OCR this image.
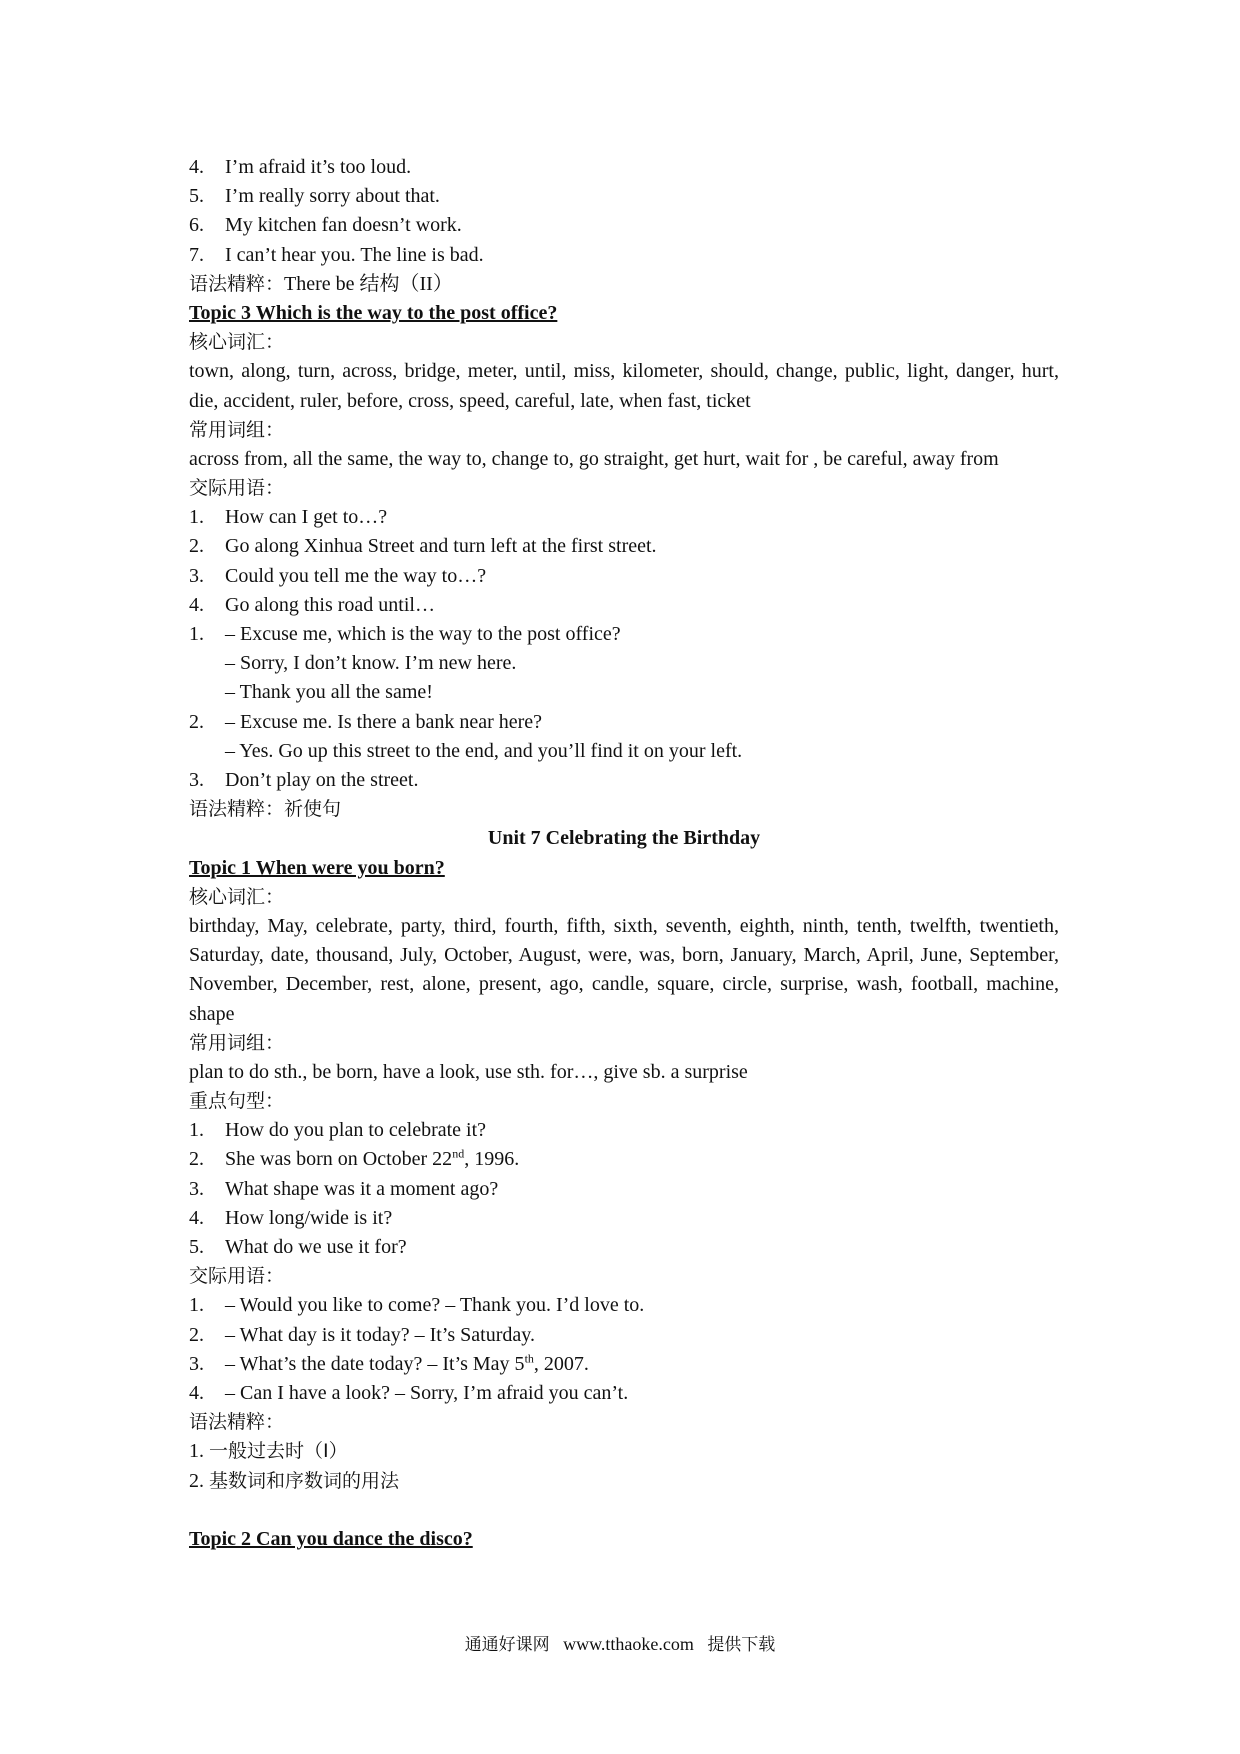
4. I’m afraid it’s too loud.
5. I’m really sorry about that.
6. My kitchen fan doesn’t work.
7. I can’t hear you. The line is bad.
语法精粹：There be 结构（II）
Topic 3 Which is the way to the post office?
核心词汇：
town, along, turn, across, bridge, meter, until, miss, kilometer, should, change, public, light, danger, hurt, die, accident, ruler, before, cross, speed, careful, late, when fast, ticket
常用词组：
across from, all the same, the way to, change to, go straight, get hurt, wait for , be careful, away from
交际用语：
1. How can I get to…?
2. Go along Xinhua Street and turn left at the first street.
3. Could you tell me the way to…?
4. Go along this road until…
1. – Excuse me, which is the way to the post office?
– Sorry, I don’t know. I’m new here.
– Thank you all the same!
2. – Excuse me. Is there a bank near here?
– Yes. Go up this street to the end, and you’ll find it on your left.
3. Don’t play on the street.
语法精粹：祈使句
Unit 7 Celebrating the Birthday
Topic 1 When were you born?
核心词汇：
birthday, May, celebrate, party, third, fourth, fifth, sixth, seventh, eighth, ninth, tenth, twelfth, twentieth, Saturday, date, thousand, July, October, August, were, was, born, January, March, April, June, September, November, December, rest, alone, present, ago, candle, square, circle, surprise, wash, football, machine, shape
常用词组：
plan to do sth., be born, have a look, use sth. for…, give sb. a surprise
重点句型：
1. How do you plan to celebrate it?
2. She was born on October 22nd, 1996.
3. What shape was it a moment ago?
4. How long/wide is it?
5. What do we use it for?
交际用语：
1. – Would you like to come? – Thank you. I’d love to.
2. – What day is it today? – It’s Saturday.
3. – What’s the date today? – It’s May 5th, 2007.
4. – Can I have a look? – Sorry, I’m afraid you can’t.
语法精粹：
1. 一般过去时（I）
2. 基数词和序数词的用法
Topic 2 Can you dance the disco?
通通好课网 www.tthaoke.com 提供下载
